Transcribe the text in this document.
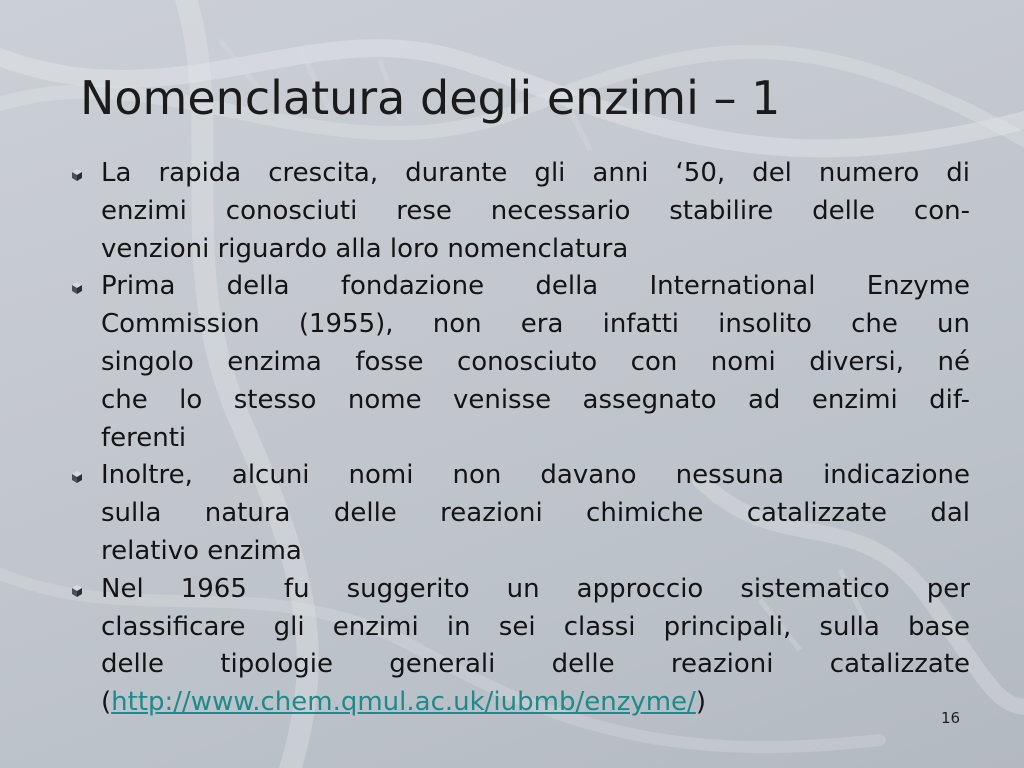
Nomenclatura degli enzimi – 1
La rapida crescita, durante gli anni ‘50, del numero di
enzimi conosciuti rese necessario stabilire delle con-
venzioni riguardo alla loro nomenclatura
Prima della fondazione della International Enzyme
Commission (1955), non era infatti insolito che un
singolo enzima fosse conosciuto con nomi diversi, né
che lo stesso nome venisse assegnato ad enzimi dif-
ferenti
Inoltre, alcuni nomi non davano nessuna indicazione
sulla natura delle reazioni chimiche catalizzate dal
relativo enzima
Nel 1965 fu suggerito un approccio sistematico per
classificare gli enzimi in sei classi principali, sulla base
delle tipologie generali delle reazioni catalizzate
(http://www.chem.qmul.ac.uk/iubmb/enzyme/)
16
